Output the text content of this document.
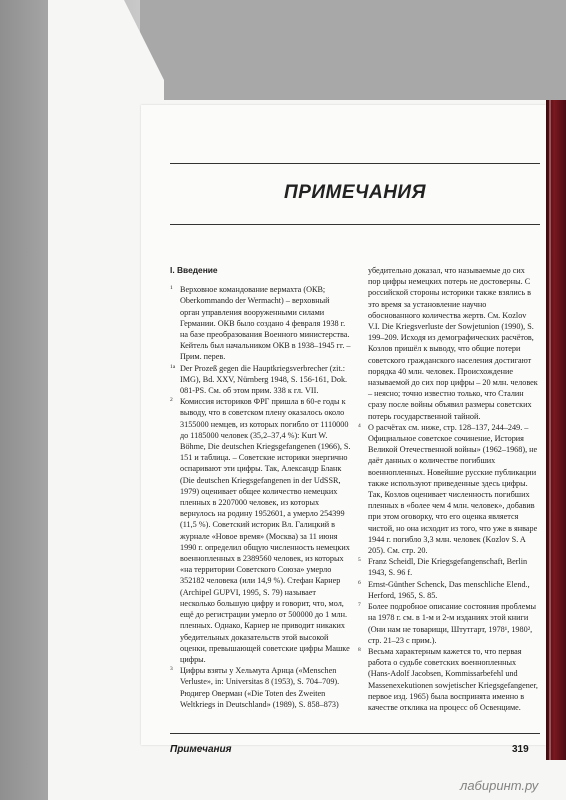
ПРИМЕЧАНИЯ

I. Введение

1 Верховное командование вермахта (ОКВ; Oberkommando der Wermacht) – верховный орган управления вооруженными силами Германии. ОКВ было создано 4 февраля 1938 г. на базе преобразования Военного министерства. Кейтель был начальником ОКВ в 1938–1945 гг. – Прим. перев.

1a Der Prozeß gegen die Hauptkriegsverbrecher (zit.: IMG), Bd. XXV, Nürnberg 1948, S. 156-161, Dok. 081-PS. См. об этом прим. 338 к гл. VII.

2 Комиссия историков ФРГ пришла в 60-е годы к выводу, что в советском плену оказалось около 3155000 немцев, из которых погибло от 1110000 до 1185000 человек (35,2–37,4 %): Kurt W. Böhme, Die deutschen Kriegsgefangenen (1966), S. 151 и таблица. – Советские историки энергично оспаривают эти цифры. Так, Александр Бланк (Die deutschen Kriegsgefangenen in der UdSSR, 1979) оценивает общее количество немецких пленных в 2207000 человек, из которых вернулось на родину 1952601, а умерло 254399 (11,5 %). Советский историк Вл. Галицкий в журнале «Новое время» (Москва) за 11 июня 1990 г. определил общую численность немецких военнопленных в 2389560 человек, из которых «на территории Советского Союза» умерло 352182 человека (или 14,9 %). Стефан Карнер (Archipel GUPVI, 1995, S. 79) называет несколько большую цифру и говорит, что, мол, ещё до регистрации умерло от 500000 до 1 млн. пленных. Однако, Карнер не приводит никаких убедительных доказательств этой высокой оценки, превышающей советские цифры Машке цифры.

3 Цифры взяты у Хельмута Арнца («Menschen Verluste», in: Universitas 8 (1953), S. 704–709). Рюдигер Оверман («Die Toten des Zweiten Weltkriegs in Deutschland» (1989), S. 858–873)

убедительно доказал, что называемые до сих пор цифры немецких потерь не достоверны. С российской стороны историки также взялись в это время за установление научно обоснованного количества жертв. См. Kozlov V.I. Die Kriegsverluste der Sowjetunion (1990), S. 199–209. Исходя из демографических расчётов, Козлов пришёл к выводу, что общие потери советского гражданского населения достигают порядка 40 млн. человек. Происхождение называемой до сих пор цифры – 20 млн. человек – неясно; точно известно только, что Сталин сразу после войны объявил размеры советских потерь государственной тайной.

4 О расчётах см. ниже, стр. 128–137, 244–249. – Официальное советское сочинение, История Великой Отечественной войны» (1962–1968), не даёт данных о количестве погибших военнопленных. Новейшие русские публикации также используют приведенные здесь цифры. Так, Козлов оценивает численность погибших пленных в «более чем 4 млн. человек», добавив при этом оговорку, что его оценка является чистой, но она исходит из того, что уже в январе 1944 г. погибло 3,3 млн. человек (Kozlov S. A 205). См. стр. 20.

5 Franz Scheidl, Die Kriegsgefangenschaft, Berlin 1943, S. 96 f.

6 Ernst-Günther Schenck, Das menschliche Elend., Herford, 1965, S. 85.

7 Более подробное описание состояния проблемы на 1978 г. см. в 1-м и 2-м изданиях этой книги (Они нам не товарищи, Штутгарт, 1978¹, 1980², стр. 21–23 с прим.).

8 Весьма характерным кажется то, что первая работа о судьбе советских военнопленных (Hans-Adolf Jacobsen, Kommissarbefehl und Massenexekutionen sowjetischer Kriegsgefangener, первое изд. 1965) была воспринята именно в качестве отклика на процесс об Освенциме.

Примечания	319
лабиринт.ру
